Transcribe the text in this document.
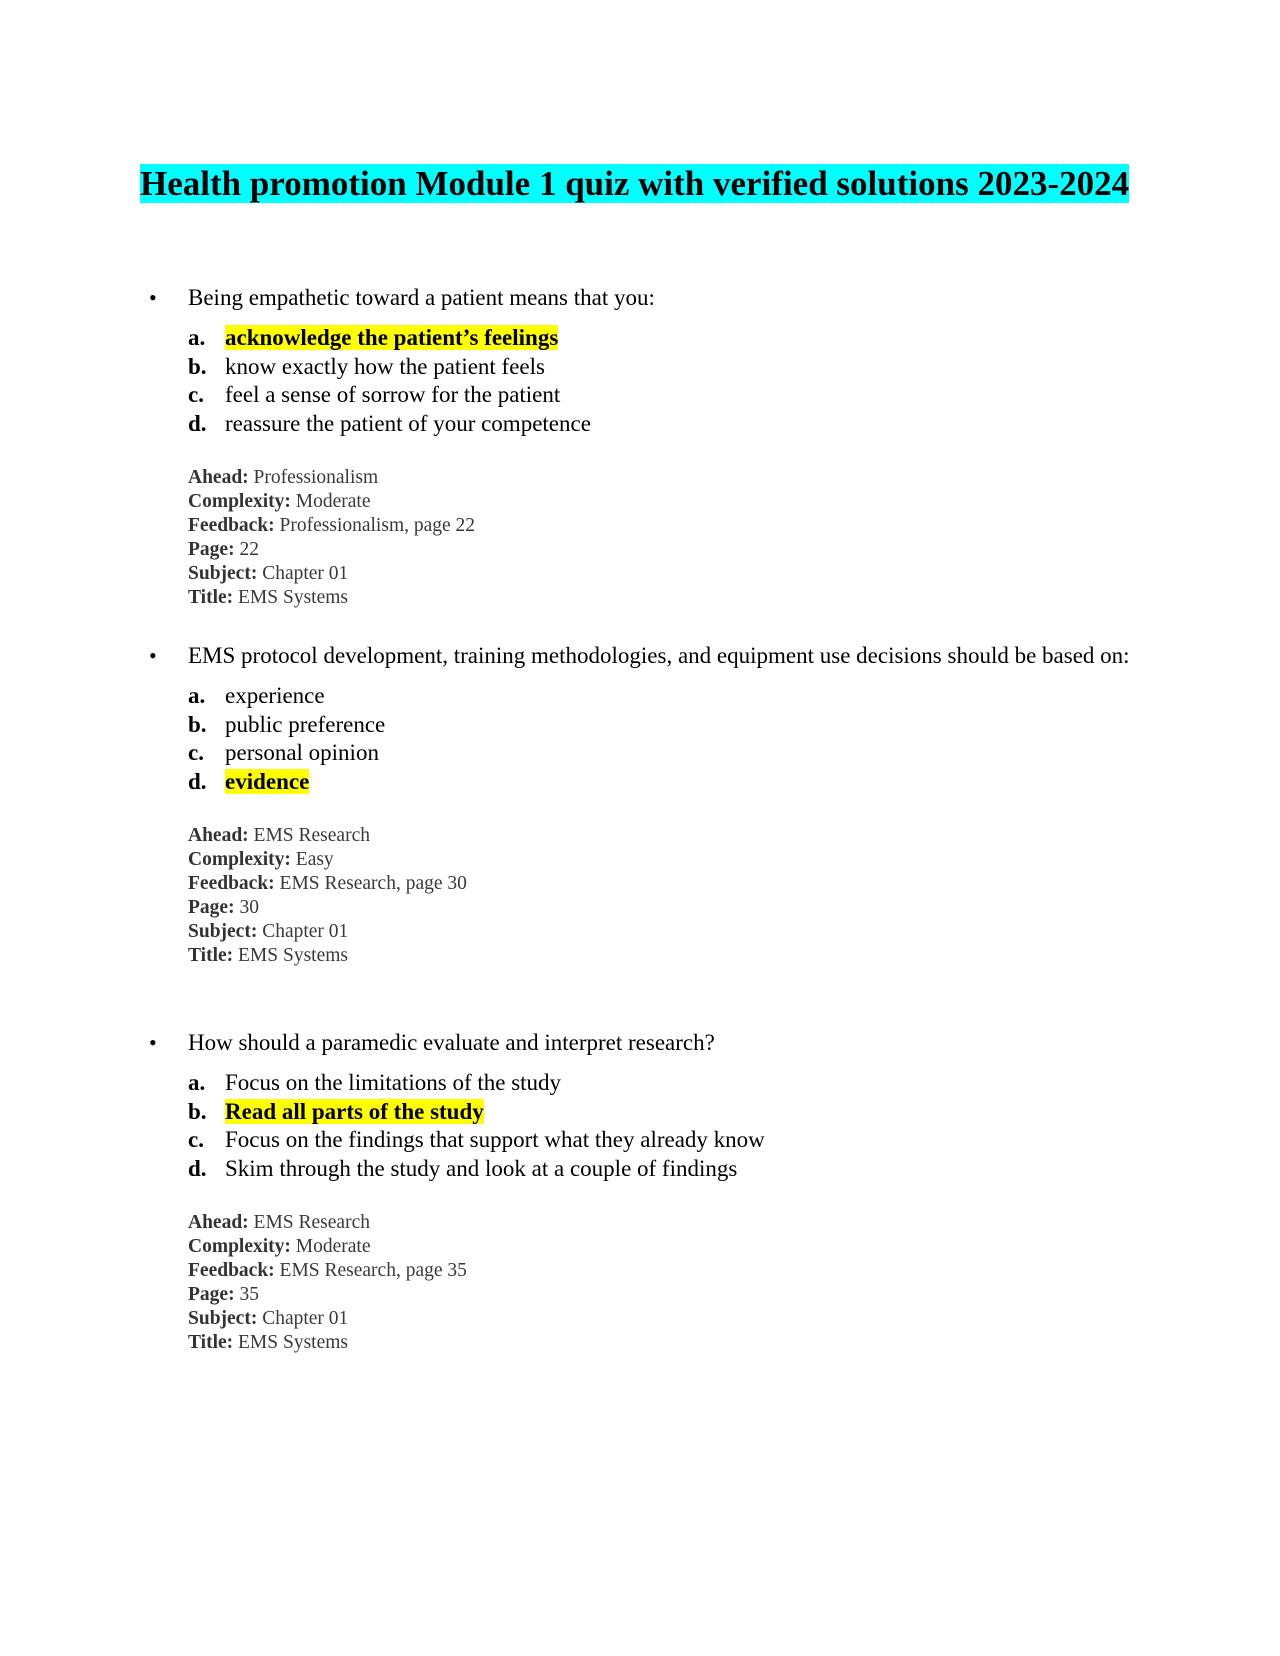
Health promotion Module 1 quiz with verified solutions 2023-2024
• Being empathetic toward a patient means that you:
a. acknowledge the patient’s feelings
b. know exactly how the patient feels
c. feel a sense of sorrow for the patient
d. reassure the patient of your competence
Ahead: Professionalism
Complexity: Moderate
Feedback: Professionalism, page 22
Page: 22
Subject: Chapter 01
Title: EMS Systems
• EMS protocol development, training methodologies, and equipment use decisions should be based on:
a. experience
b. public preference
c. personal opinion
d. evidence
Ahead: EMS Research
Complexity: Easy
Feedback: EMS Research, page 30
Page: 30
Subject: Chapter 01
Title: EMS Systems
• How should a paramedic evaluate and interpret research?
a. Focus on the limitations of the study
b. Read all parts of the study
c. Focus on the findings that support what they already know
d. Skim through the study and look at a couple of findings
Ahead: EMS Research
Complexity: Moderate
Feedback: EMS Research, page 35
Page: 35
Subject: Chapter 01
Title: EMS Systems
